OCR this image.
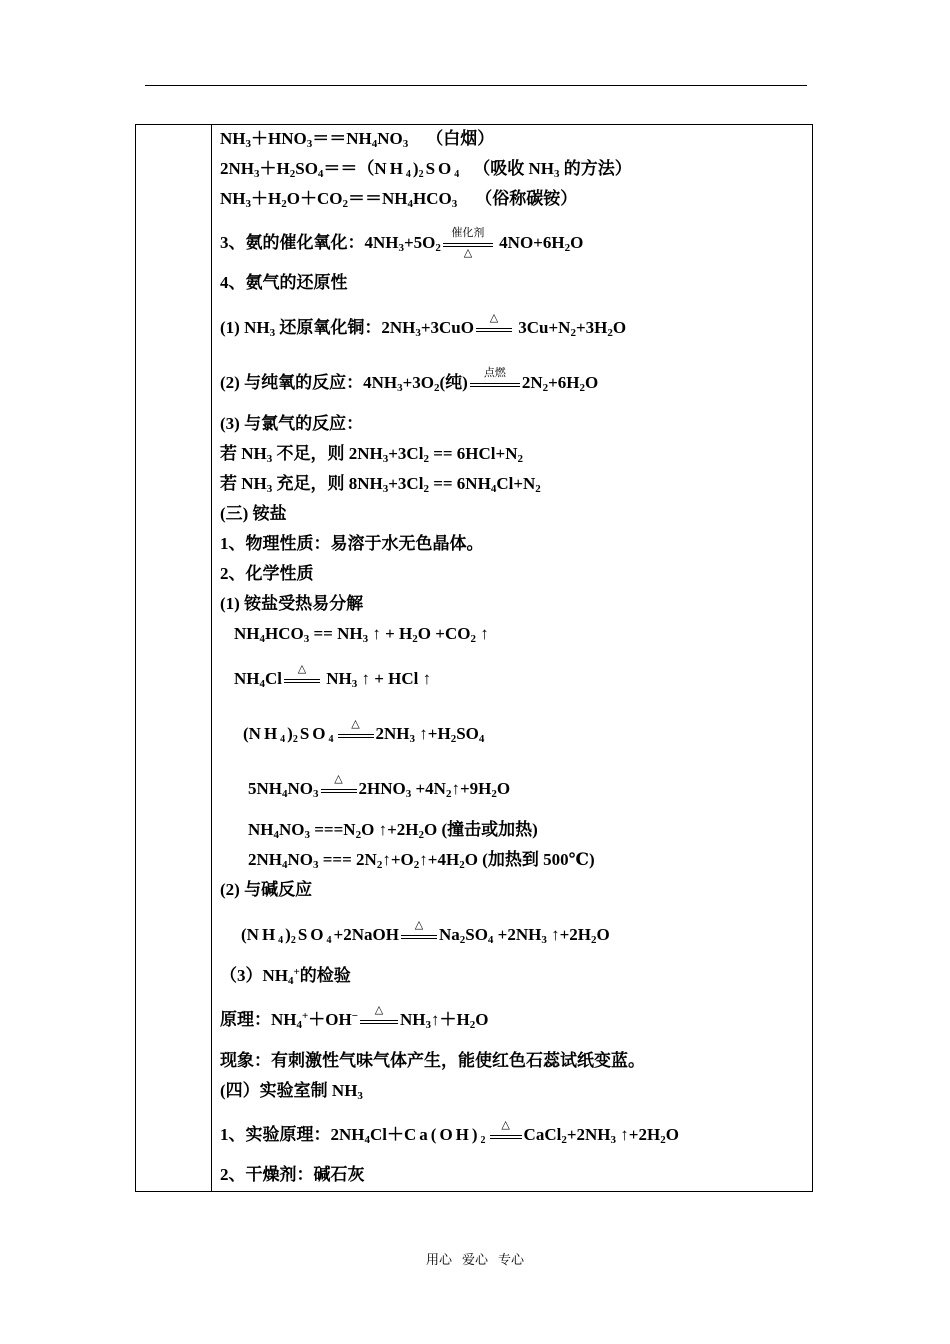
$NH_3+HNO_3==NH_4NO_3$ （白烟）
$2NH_3+H_2SO_4==(NH4$ )2 SO4 （吸收 $NH_3$ 的方法）
$NH_3+H_2O+CO_2==NH_4HCO_3$ （俗称碳铵）
3、氨的催化氧化：$4NH_3+5O_2$
催化剂
△
$4NO+6H_2O$
4、氨气的还原性
(1) $NH_3$ 还原氧化铜：$2NH_3+3CuO$	△ $3Cu+N_2+3H_2O$
(2) 与纯氧的反应：$4NH_3+3O_2$(纯)	点燃 $2N_2+6H_2O$
(3) 与氯气的反应：
若 $NH_3$ 不足，则 $2NH_3+3Cl_2 == 6HCl+N_2$
若 $NH_3$ 充足，则 $8NH_3+3Cl_2 == 6NH_4Cl+N_2$
(三) 铵盐
1、物理性质：易溶于水无色晶体。
2、化学性质
(1) 铵盐受热易分解
$NH_4HCO_3 == NH_3$ ↑ + $H_2O +CO_2$ ↑
$NH_4Cl$	△ $NH_3$ ↑ + HCl ↑
(NH4 )2 SO4
△ $2NH_3$ $↑+H_2SO_4$
$5NH_4NO_3$
△ $2HNO_3$ $+4N_2↑+9H_2O$
$NH_4NO_3 ===N_2O$ $↑+2H_2O$ (撞击或加热)
$2NH_4NO_3$ === $2N_2↑+O_2↑+4H_2O$ (加热到 500℃)
(2) 与碱反应
(NH4 )2 SO4 +2NaOH	△ $Na_2SO_4 +2NH_3$ $↑+2H_2O$
$(3)NH_4^+$的检验
原理：$NH_4^++OH^-$	△ $NH_3↑+H_2O$
现象：有刺激性气味气体产生，能使红色石蕊试纸变蓝。
(四）实验室制 $NH_3$
1、实验原理：$2NH_4Cl+Ca(OH)2$
△ $CaCl_2+2NH_3$ $↑+2H_2O$
2、干燥剂：碱石灰
用心 爱心 专心
